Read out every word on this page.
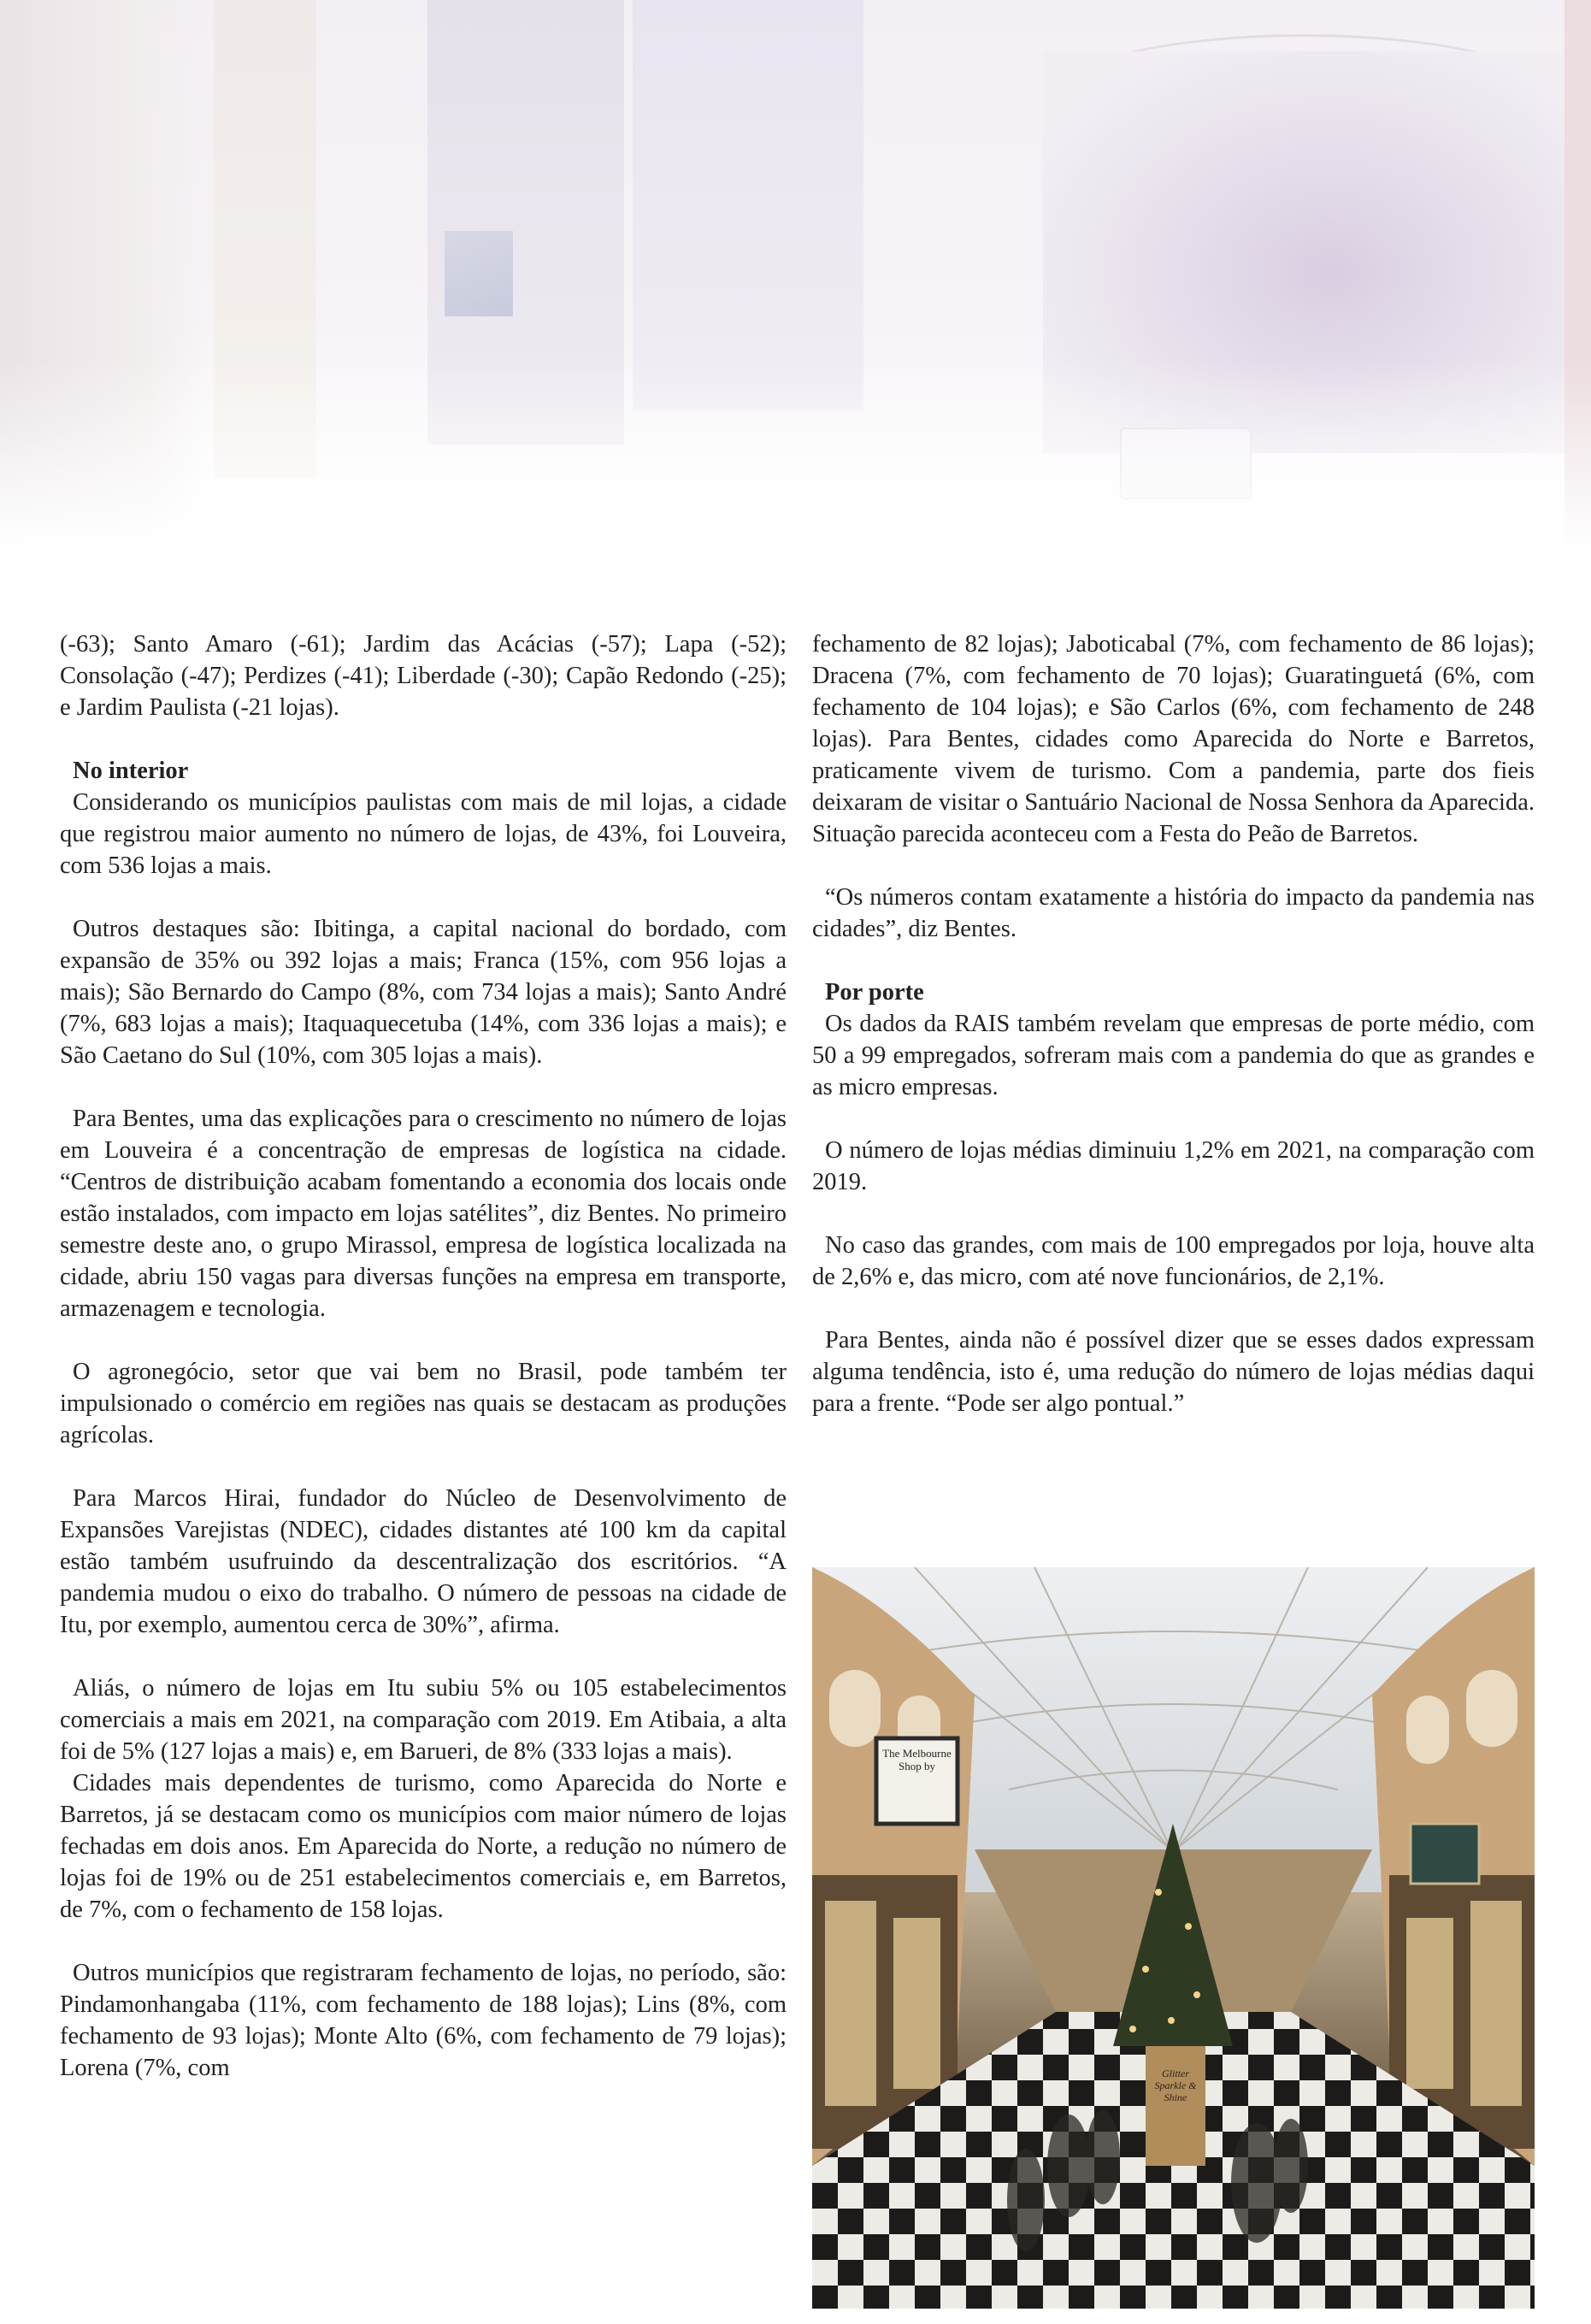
(-63); Santo Amaro (-61); Jardim das Acácias (-57); Lapa (-52); Consolação (-47); Perdizes (-41); Liberdade (-30); Capão Redondo (-25); e Jardim Paulista (-21 lojas).

No interior

Considerando os municípios paulistas com mais de mil lojas, a cidade que registrou maior aumento no número de lojas, de 43%, foi Louveira, com 536 lojas a mais.

Outros destaques são: Ibitinga, a capital nacional do bordado, com expansão de 35% ou 392 lojas a mais; Franca (15%, com 956 lojas a mais); São Bernardo do Campo (8%, com 734 lojas a mais); Santo André (7%, 683 lojas a mais); Itaquaquecetuba (14%, com 336 lojas a mais); e São Caetano do Sul (10%, com 305 lojas a mais).

Para Bentes, uma das explicações para o crescimento no número de lojas em Louveira é a concentração de empresas de logística na cidade. “Centros de distribuição acabam fomentando a economia dos locais onde estão instalados, com impacto em lojas satélites”, diz Bentes. No primeiro semestre deste ano, o grupo Mirassol, empresa de logística localizada na cidade, abriu 150 vagas para diversas funções na empresa em transporte, armazenagem e tecnologia.

O agronegócio, setor que vai bem no Brasil, pode também ter impulsionado o comércio em regiões nas quais se destacam as produções agrícolas.

Para Marcos Hirai, fundador do Núcleo de Desenvolvimento de Expansões Varejistas (NDEC), cidades distantes até 100 km da capital estão também usufruindo da descentralização dos escritórios. “A pandemia mudou o eixo do trabalho. O número de pessoas na cidade de Itu, por exemplo, aumentou cerca de 30%”, afirma.

Aliás, o número de lojas em Itu subiu 5% ou 105 estabelecimentos comerciais a mais em 2021, na comparação com 2019. Em Atibaia, a alta foi de 5% (127 lojas a mais) e, em Barueri, de 8% (333 lojas a mais).

Cidades mais dependentes de turismo, como Aparecida do Norte e Barretos, já se destacam como os municípios com maior número de lojas fechadas em dois anos. Em Aparecida do Norte, a redução no número de lojas foi de 19% ou de 251 estabelecimentos comerciais e, em Barretos, de 7%, com o fechamento de 158 lojas.

Outros municípios que registraram fechamento de lojas, no período, são: Pindamonhangaba (11%, com fechamento de 188 lojas); Lins (8%, com fechamento de 93 lojas); Monte Alto (6%, com fechamento de 79 lojas); Lorena (7%, com

fechamento de 82 lojas); Jaboticabal (7%, com fechamento de 86 lojas); Dracena (7%, com fechamento de 70 lojas); Guaratinguetá (6%, com fechamento de 104 lojas); e São Carlos (6%, com fechamento de 248 lojas). Para Bentes, cidades como Aparecida do Norte e Barretos, praticamente vivem de turismo. Com a pandemia, parte dos fieis deixaram de visitar o Santuário Nacional de Nossa Senhora da Aparecida. Situação parecida aconteceu com a Festa do Peão de Barretos.

“Os números contam exatamente a história do impacto da pandemia nas cidades”, diz Bentes.

Por porte

Os dados da RAIS também revelam que empresas de porte médio, com 50 a 99 empregados, sofreram mais com a pandemia do que as grandes e as micro empresas.

O número de lojas médias diminuiu 1,2% em 2021, na comparação com 2019.

No caso das grandes, com mais de 100 empregados por loja, houve alta de 2,6% e, das micro, com até nove funcionários, de 2,1%.

Para Bentes, ainda não é possível dizer que se esses dados expressam alguma tendência, isto é, uma redução do número de lojas médias daqui para a frente. “Pode ser algo pontual.”

The Melbourne Shop by
Glitter Sparkle & Shine
